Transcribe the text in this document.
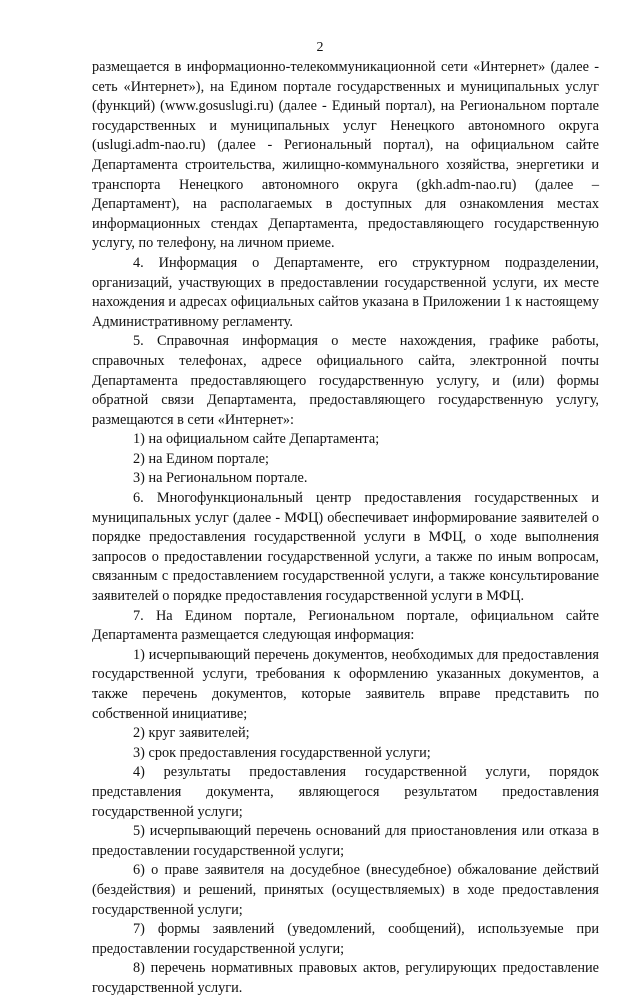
2

размещается в информационно-телекоммуникационной сети «Интернет» (далее - сеть «Интернет»), на Едином портале государственных и муниципальных услуг (функций) (www.gosuslugi.ru) (далее - Единый портал), на Региональном портале государственных и муниципальных услуг Ненецкого автономного округа (uslugi.adm-nao.ru) (далее - Региональный портал), на официальном сайте Департамента строительства, жилищно-коммунального хозяйства, энергетики и транспорта Ненецкого автономного округа (gkh.adm-nao.ru) (далее – Департамент), на располагаемых в доступных для ознакомления местах информационных стендах Департамента, предоставляющего государственную услугу, по телефону, на личном приеме.

4. Информация о Департаменте, его структурном подразделении, организаций, участвующих в предоставлении государственной услуги, их месте нахождения и адресах официальных сайтов указана в Приложении 1 к настоящему Административному регламенту.

5. Справочная информация о месте нахождения, графике работы, справочных телефонах, адресе официального сайта, электронной почты Департамента предоставляющего государственную услугу, и (или) формы обратной связи Департамента, предоставляющего государственную услугу, размещаются в сети «Интернет»:

1) на официальном сайте Департамента;

2) на Едином портале;

3) на Региональном портале.

6. Многофункциональный центр предоставления государственных и муниципальных услуг (далее - МФЦ) обеспечивает информирование заявителей о порядке предоставления государственной услуги в МФЦ, о ходе выполнения запросов о предоставлении государственной услуги, а также по иным вопросам, связанным с предоставлением государственной услуги, а также консультирование заявителей о порядке предоставления государственной услуги в МФЦ.

7. На Едином портале, Региональном портале, официальном сайте Департамента размещается следующая информация:

1) исчерпывающий перечень документов, необходимых для предоставления государственной услуги, требования к оформлению указанных документов, а также перечень документов, которые заявитель вправе представить по собственной инициативе;

2) круг заявителей;

3) срок предоставления государственной услуги;

4) результаты предоставления государственной услуги, порядок представления документа, являющегося результатом предоставления государственной услуги;

5) исчерпывающий перечень оснований для приостановления или отказа в предоставлении государственной услуги;

6) о праве заявителя на досудебное (внесудебное) обжалование действий (бездействия) и решений, принятых (осуществляемых) в ходе предоставления государственной услуги;

7) формы заявлений (уведомлений, сообщений), используемые при предоставлении государственной услуги;

8) перечень нормативных правовых актов, регулирующих предоставление государственной услуги.
